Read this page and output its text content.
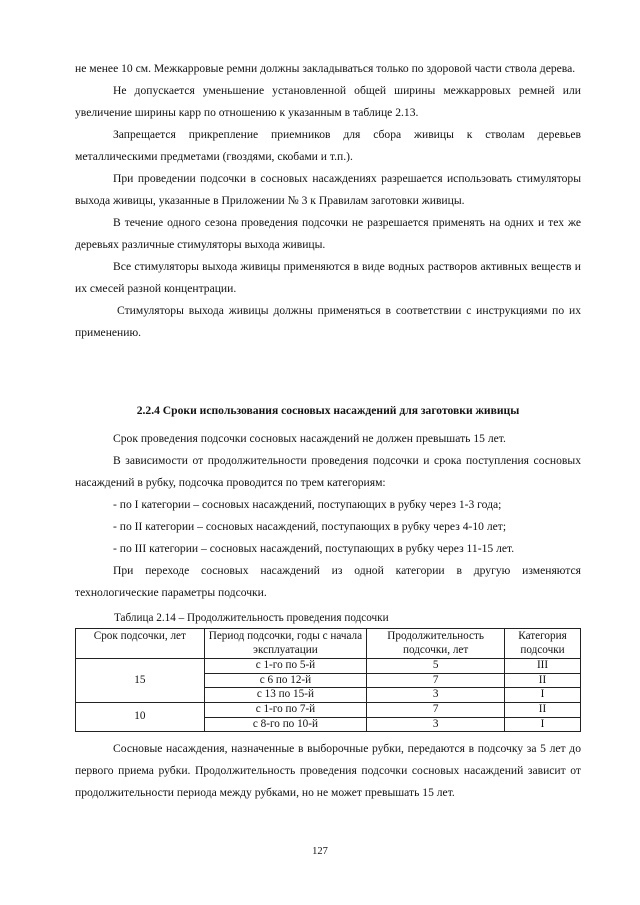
не менее 10 см. Межкарровые ремни должны закладываться только по здоровой части ствола дерева.

Не допускается уменьшение установленной общей ширины межкарровых ремней или увеличение ширины карр по отношению к указанным в таблице 2.13.

Запрещается прикрепление приемников для сбора живицы к стволам деревьев металлическими предметами (гвоздями, скобами и т.п.).

При проведении подсочки в сосновых насаждениях разрешается использовать стимуляторы выхода живицы, указанные в Приложении № 3 к Правилам заготовки живицы.

В течение одного сезона проведения подсочки не разрешается применять на одних и тех же деревьях различные стимуляторы выхода живицы.

Все стимуляторы выхода живицы применяются в виде водных растворов активных веществ и их смесей разной концентрации.

Стимуляторы выхода живицы должны применяться в соответствии с инструкциями по их применению.

2.2.4 Сроки использования сосновых насаждений для заготовки живицы

Срок проведения подсочки сосновых насаждений не должен превышать 15 лет.

В зависимости от продолжительности проведения подсочки и срока поступления сосновых насаждений в рубку, подсочка проводится по трем категориям:

- по I категории – сосновых насаждений, поступающих в рубку через 1-3 года;

- по II категории – сосновых насаждений, поступающих в рубку через 4-10 лет;

- по III категории – сосновых насаждений, поступающих в рубку через 11-15 лет.

При переходе сосновых насаждений из одной категории в другую изменяются технологические параметры подсочки.

Таблица 2.14 – Продолжительность проведения подсочки
Срок подсочки, лет	Период подсочки, годы с начала эксплуатации	Продолжительность подсочки, лет	Категория подсочки
15	с 1-го по 5-й	5	III
	с 6 по 12-й	7	II
	с 13 по 15-й	3	I
10	с 1-го по 7-й	7	II
	с 8-го по 10-й	3	I

Сосновые насаждения, назначенные в выборочные рубки, передаются в подсочку за 5 лет до первого приема рубки. Продолжительность проведения подсочки сосновых насаждений зависит от продолжительности периода между рубками, но не может превышать 15 лет.

127
